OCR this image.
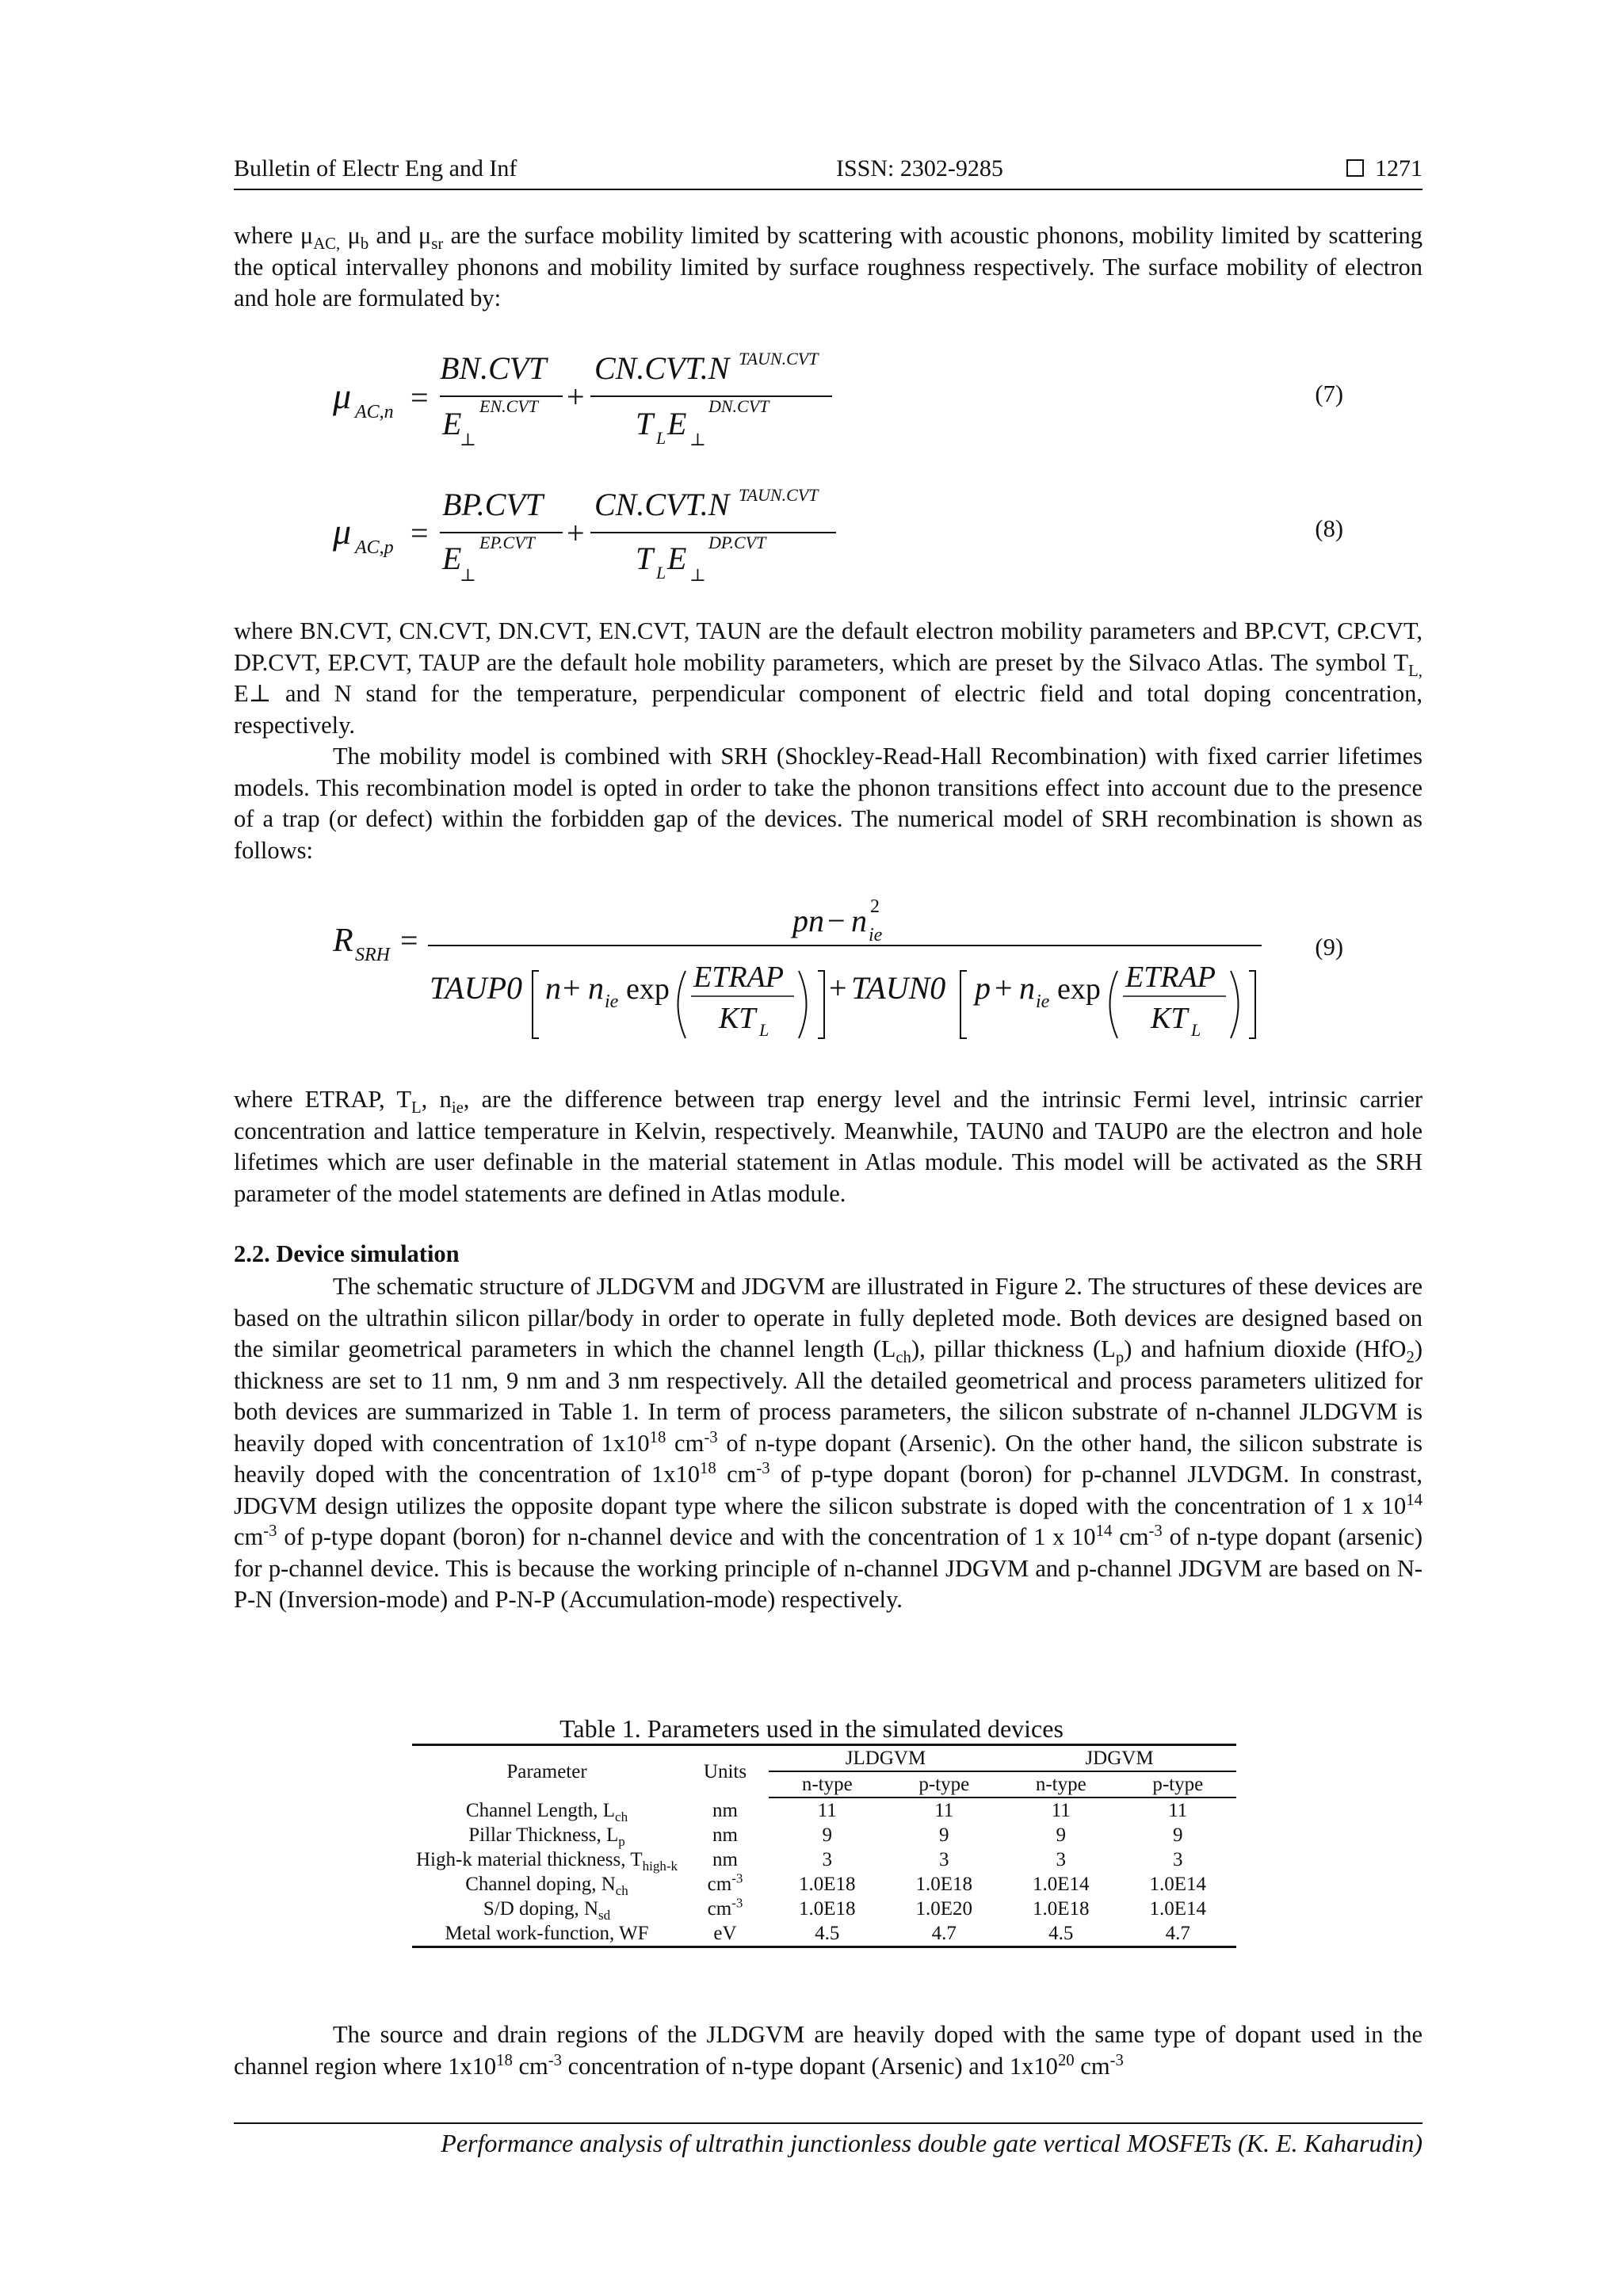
Bulletin of Electr Eng and Inf	ISSN: 2302-9285	1271

where $\mu_{AC,}$ $\mu_b$ and $\mu_{sr}$ are the surface mobility limited by scattering with acoustic phonons, mobility limited by scattering the optical intervalley phonons and mobility limited by surface roughness respectively. The surface mobility of electron and hole are formulated by:

μ AC,n =
BN.CVT
E
⊥
EN.CVT +
CN.CVT.N TAUN.CVT
T L E ⊥
DN.CVT	(7)
μ AC,p =
BP.CVT
E
⊥
EP.CVT +
CN.CVT.N TAUN.CVT
T L E ⊥
DP.CVT
(8)

where BN.CVT, CN.CVT, DN.CVT, EN.CVT, TAUN are the default electron mobility parameters and BP.CVT, CP.CVT, DP.CVT, EP.CVT, TAUP are the default hole mobility parameters, which are preset by the Silvaco Atlas. The symbol $T_{L,}$ E⊥ and N stand for the temperature, perpendicular component of electric field and total doping concentration, respectively.

The mobility model is combined with SRH (Shockley-Read-Hall Recombination) with fixed carrier lifetimes models. This recombination model is opted in order to take the phonon transitions effect into account due to the presence of a trap (or defect) within the forbidden gap of the devices. The numerical model of SRH recombination is shown as follows:

R SRH =
pn − n ie
2
TAUP0 n + n ie exp ETRAP
KT L
+ TAUN0 p + n ie exp ETRAP
KT L
(9)

where ETRAP, $T_L$, $n_{ie}$, are the difference between trap energy level and the intrinsic Fermi level, intrinsic carrier concentration and lattice temperature in Kelvin, respectively. Meanwhile, TAUN0 and TAUP0 are the electron and hole lifetimes which are user definable in the material statement in Atlas module. This model will be activated as the SRH parameter of the model statements are defined in Atlas module.

2.2. Device simulation

The schematic structure of JLDGVM and JDGVM are illustrated in Figure 2. The structures of these devices are based on the ultrathin silicon pillar/body in order to operate in fully depleted mode. Both devices are designed based on the similar geometrical parameters in which the channel length $(L_{ch})$, pillar thickness $(L_p)$ and hafnium dioxide (HfO$_2$) thickness are set to 11 nm, 9 nm and 3 nm respectively. All the detailed geometrical and process parameters ulitized for both devices are summarized in Table 1. In term of process parameters, the silicon substrate of n-channel JLDGVM is heavily doped with concentration of $1x10^{18}$ $cm^{-3}$ of n-type dopant (Arsenic). On the other hand, the silicon substrate is heavily doped with the concentration of $1x10^{18}$ $cm^{-3}$ of p-type dopant (boron) for p-channel JLVDGM. In constrast, JDGVM design utilizes the opposite dopant type where the silicon substrate is doped with the concentration of 1 x $10^{14}$ $cm^{-3}$ of p-type dopant (boron) for n-channel device and with the concentration of 1 x $10^{14}$ $cm^{-3}$ of n-type dopant (arsenic) for p-channel device. This is because the working principle of n-channel JDGVM and p-channel JDGVM are based on N-P-N (Inversion-mode) and P-N-P (Accumulation-mode) respectively.

Table 1. Parameters used in the simulated devices
Parameter	Units	JLDGVM		JDGVM	
		n-type	p-type	n-type	p-type
Channel Length, $L_{ch}$	nm	11	11	11	11
Pillar Thickness, $L_p$	nm	9	9	9	9
High-k material thickness, $T_{high-k}$	nm	3	3	3	3
Channel doping, $N_{ch}$	$cm^{-3}$	1.0E18	1.0E18	1.0E14	1.0E14
S/D doping, $N_{sd}$	$cm^{-3}$	1.0E18	1.0E20	1.0E18	1.0E14
Metal work-function, WF	eV	4.5	4.7	4.5	4.7

The source and drain regions of the JLDGVM are heavily doped with the same type of dopant used in the channel region where $1x10^{18}$ $cm^{-3}$ concentration of n-type dopant (Arsenic) and $1x10^{20}$ $cm^{-3}$

Performance analysis of ultrathin junctionless double gate vertical MOSFETs (K. E. Kaharudin)
